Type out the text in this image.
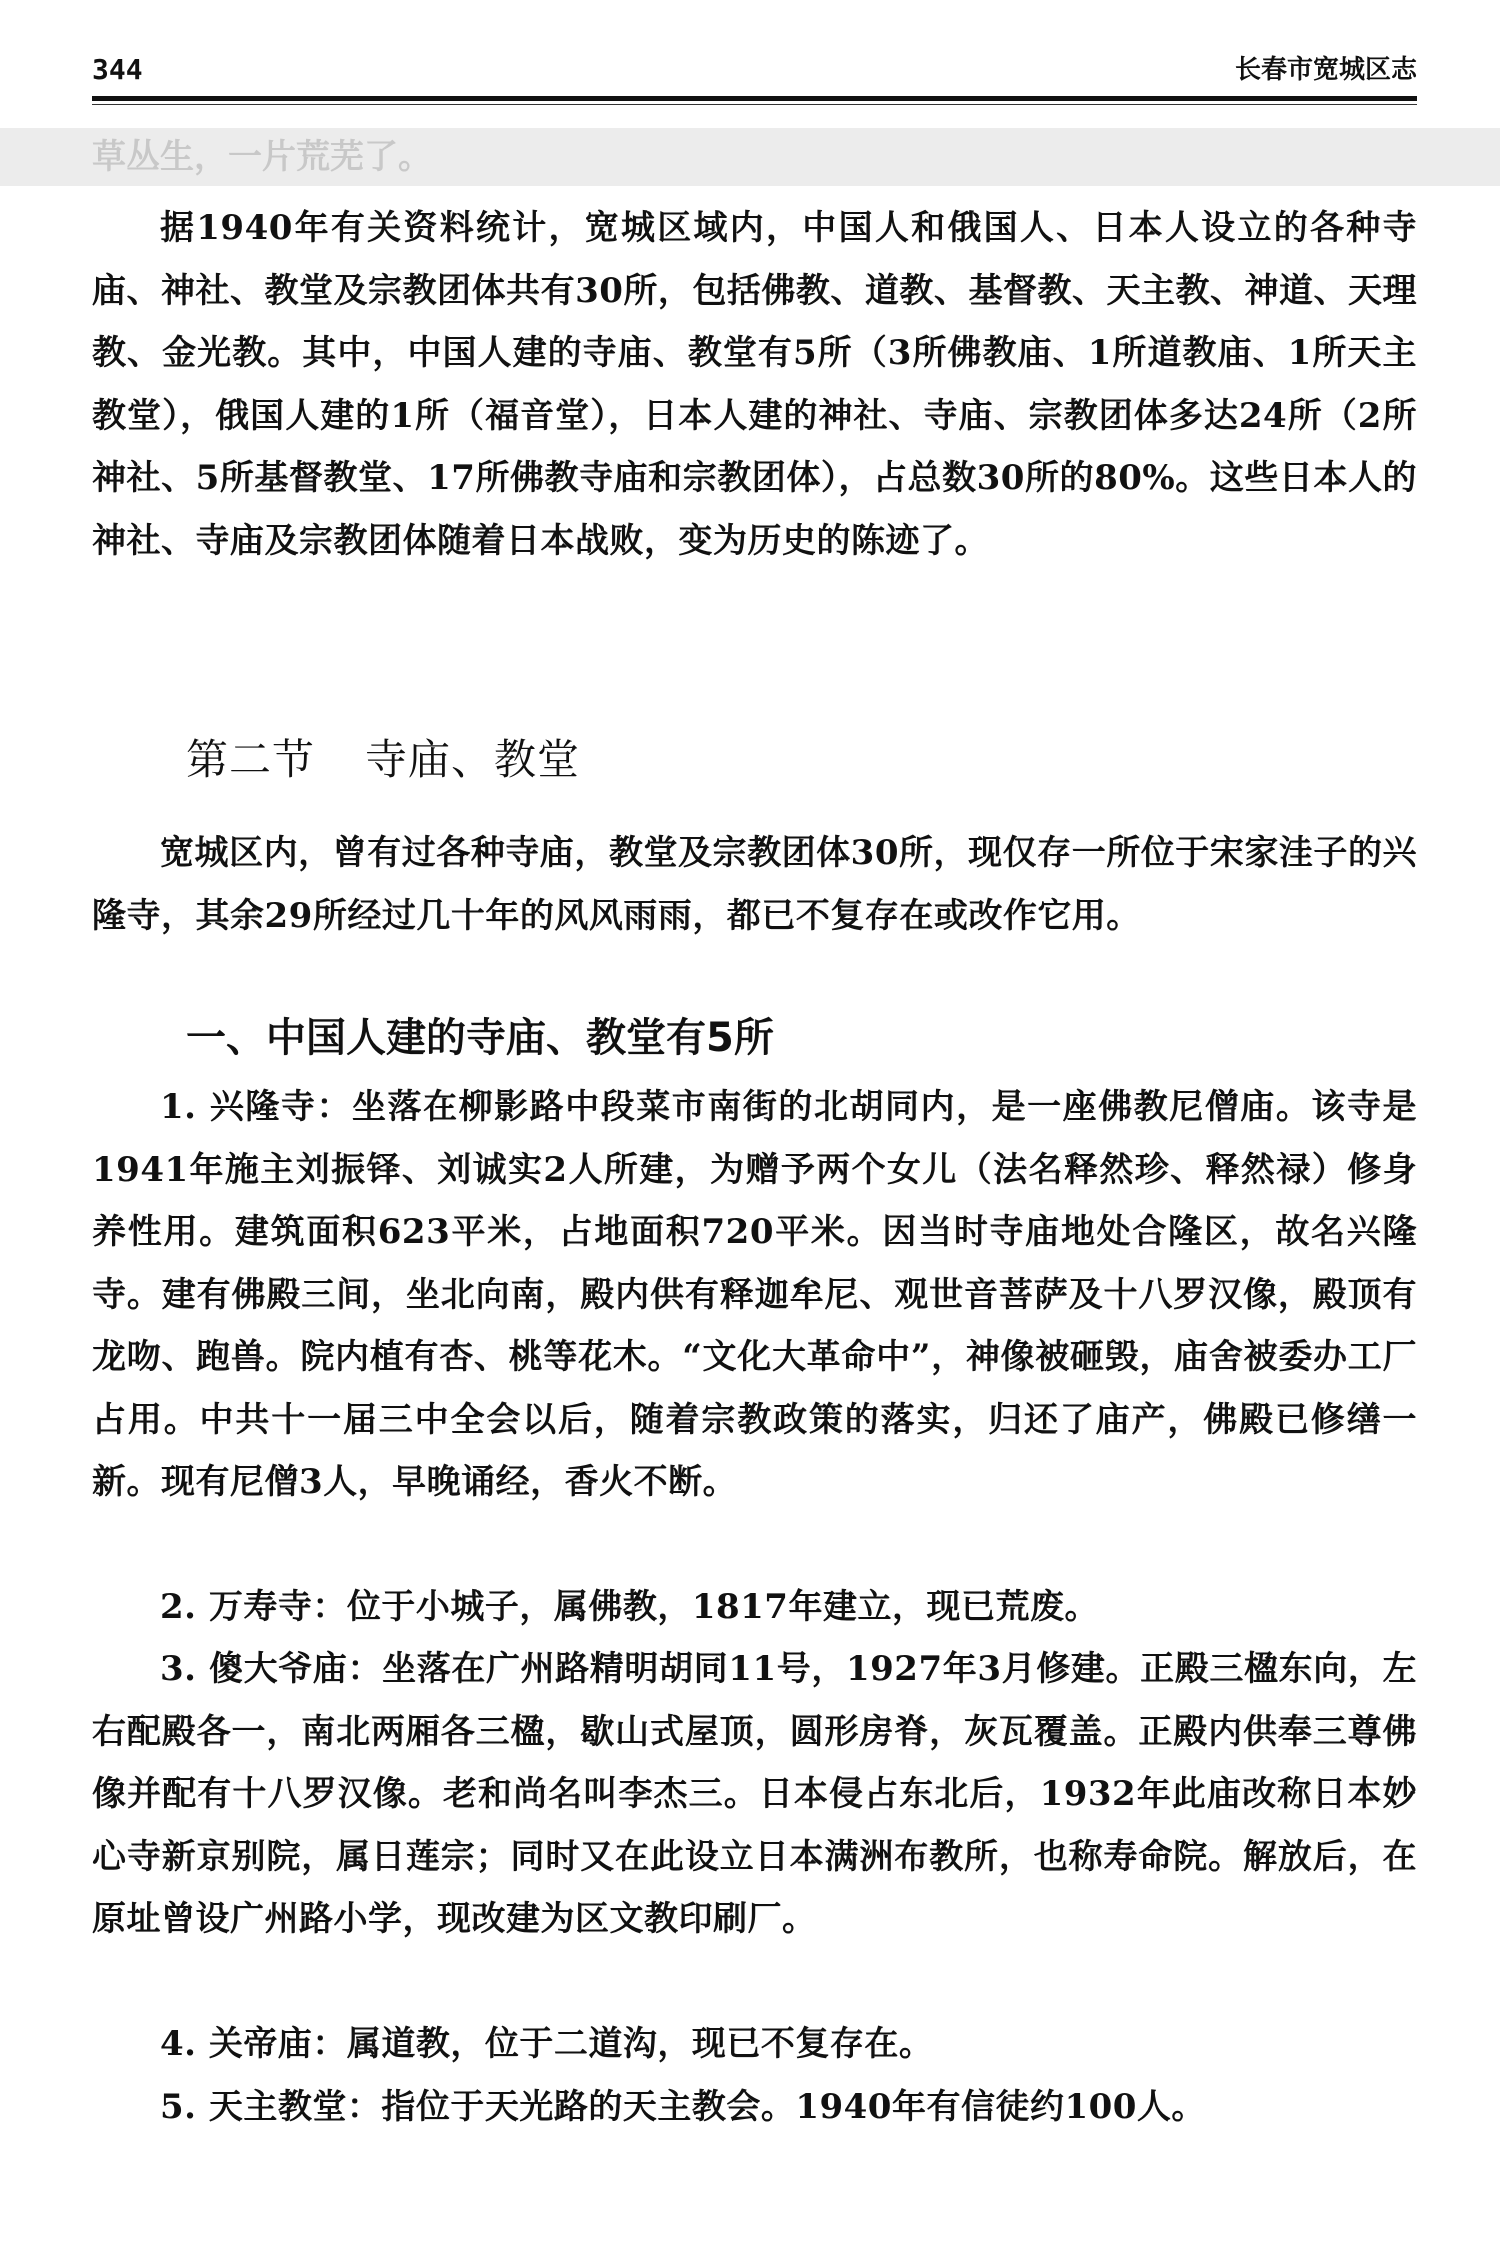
344	长春市宽城区志
草丛生，一片荒芜了。

据1940年有关资料统计，宽城区域内，中国人和俄国人、日本人设立的各种寺庙、神社、教堂及宗教团体共有30所，包括佛教、道教、基督教、天主教、神道、天理教、金光教。其中，中国人建的寺庙、教堂有5所（3所佛教庙、1所道教庙、1所天主教堂），俄国人建的1所（福音堂），日本人建的神社、寺庙、宗教团体多达24所（2所神社、5所基督教堂、17所佛教寺庙和宗教团体），占总数30所的80%。这些日本人的神社、寺庙及宗教团体随着日本战败，变为历史的陈迹了。

第二节 寺庙、教堂

宽城区内，曾有过各种寺庙，教堂及宗教团体30所，现仅存一所位于宋家洼子的兴隆寺，其余29所经过几十年的风风雨雨，都已不复存在或改作它用。

一、中国人建的寺庙、教堂有5所

1. 兴隆寺：坐落在柳影路中段菜市南街的北胡同内，是一座佛教尼僧庙。该寺是1941年施主刘振铎、刘诚实2人所建，为赠予两个女儿（法名释然珍、释然禄）修身养性用。建筑面积623平米，占地面积720平米。因当时寺庙地处合隆区，故名兴隆寺。建有佛殿三间，坐北向南，殿内供有释迦牟尼、观世音菩萨及十八罗汉像，殿顶有龙吻、跑兽。院内植有杏、桃等花木。“文化大革命中”，神像被砸毁，庙舍被委办工厂占用。中共十一届三中全会以后，随着宗教政策的落实，归还了庙产，佛殿已修缮一新。现有尼僧3人，早晚诵经，香火不断。

2. 万寿寺：位于小城子，属佛教，1817年建立，现已荒废。

3. 傻大爷庙：坐落在广州路精明胡同11号，1927年3月修建。正殿三楹东向，左右配殿各一，南北两厢各三楹，歇山式屋顶，圆形房脊，灰瓦覆盖。正殿内供奉三尊佛像并配有十八罗汉像。老和尚名叫李杰三。日本侵占东北后，1932年此庙改称日本妙心寺新京别院，属日莲宗；同时又在此设立日本满洲布教所，也称寿命院。解放后，在原址曾设广州路小学，现改建为区文教印刷厂。

4. 关帝庙：属道教，位于二道沟，现已不复存在。

5. 天主教堂：指位于天光路的天主教会。1940年有信徒约100人。
